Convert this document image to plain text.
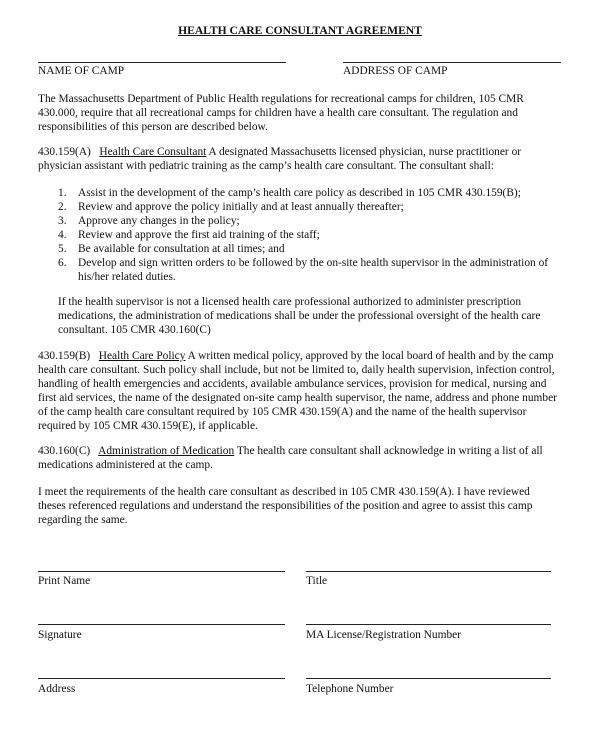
HEALTH CARE CONSULTANT AGREEMENT
NAME OF CAMP	ADDRESS OF CAMP
The Massachusetts Department of Public Health regulations for recreational camps for children, 105 CMR 430.000, require that all recreational camps for children have a health care consultant. The regulation and responsibilities of this person are described below.
430.159(A) Health Care Consultant A designated Massachusetts licensed physician, nurse practitioner or physician assistant with pediatric training as the camp’s health care consultant. The consultant shall:
1. Assist in the development of the camp’s health care policy as described in 105 CMR 430.159(B);
2. Review and approve the policy initially and at least annually thereafter;
3. Approve any changes in the policy;
4. Review and approve the first aid training of the staff;
5. Be available for consultation at all times; and
6. Develop and sign written orders to be followed by the on-site health supervisor in the administration of his/her related duties.
If the health supervisor is not a licensed health care professional authorized to administer prescription medications, the administration of medications shall be under the professional oversight of the health care consultant. 105 CMR 430.160(C)
430.159(B) Health Care Policy A written medical policy, approved by the local board of health and by the camp health care consultant. Such policy shall include, but not be limited to, daily health supervision, infection control, handling of health emergencies and accidents, available ambulance services, provision for medical, nursing and first aid services, the name of the designated on-site camp health supervisor, the name, address and phone number of the camp health care consultant required by 105 CMR 430.159(A) and the name of the health supervisor required by 105 CMR 430.159(E), if applicable.
430.160(C) Administration of Medication The health care consultant shall acknowledge in writing a list of all medications administered at the camp.
I meet the requirements of the health care consultant as described in 105 CMR 430.159(A). I have reviewed theses referenced regulations and understand the responsibilities of the position and agree to assist this camp regarding the same.
Print Name	Title
Signature	MA License/Registration Number
Address	Telephone Number
